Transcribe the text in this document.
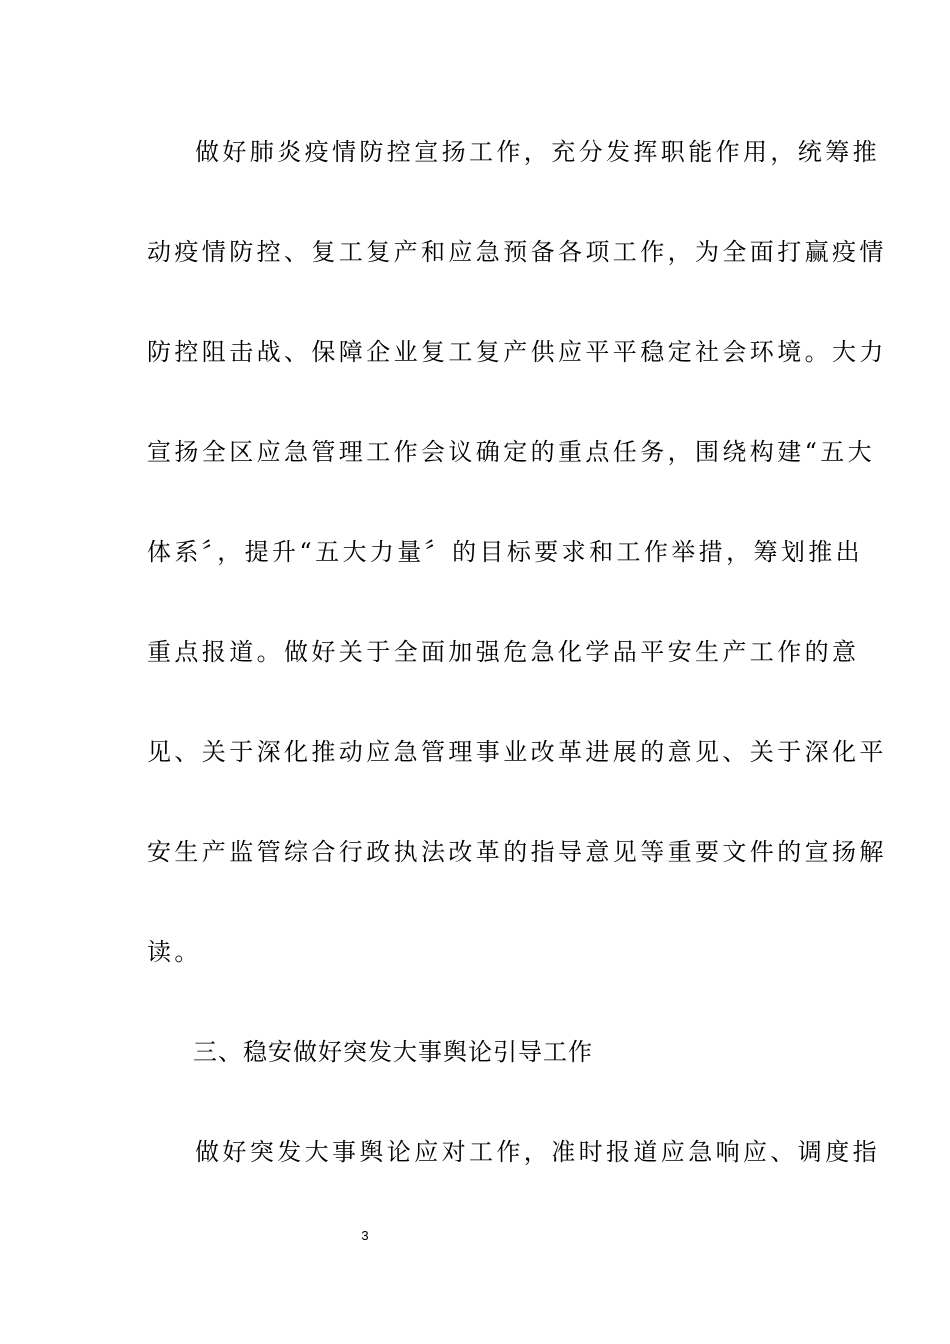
做好肺炎疫情防控宣扬工作，充分发挥职能作用，统筹推
动疫情防控、复工复产和应急预备各项工作，为全面打赢疫情
防控阻击战、保障企业复工复产供应平平稳定社会环境。大力
宣扬全区应急管理工作会议确定的重点任务，围绕构建“五大
体系〞，提升“五大力量〞的目标要求和工作举措，筹划推出
重点报道。做好关于全面加强危急化学品平安生产工作的意
见、关于深化推动应急管理事业改革进展的意见、关于深化平
安生产监管综合行政执法改革的指导意见等重要文件的宣扬解
读。
三、稳安做好突发大事舆论引导工作
做好突发大事舆论应对工作，准时报道应急响应、调度指
3
